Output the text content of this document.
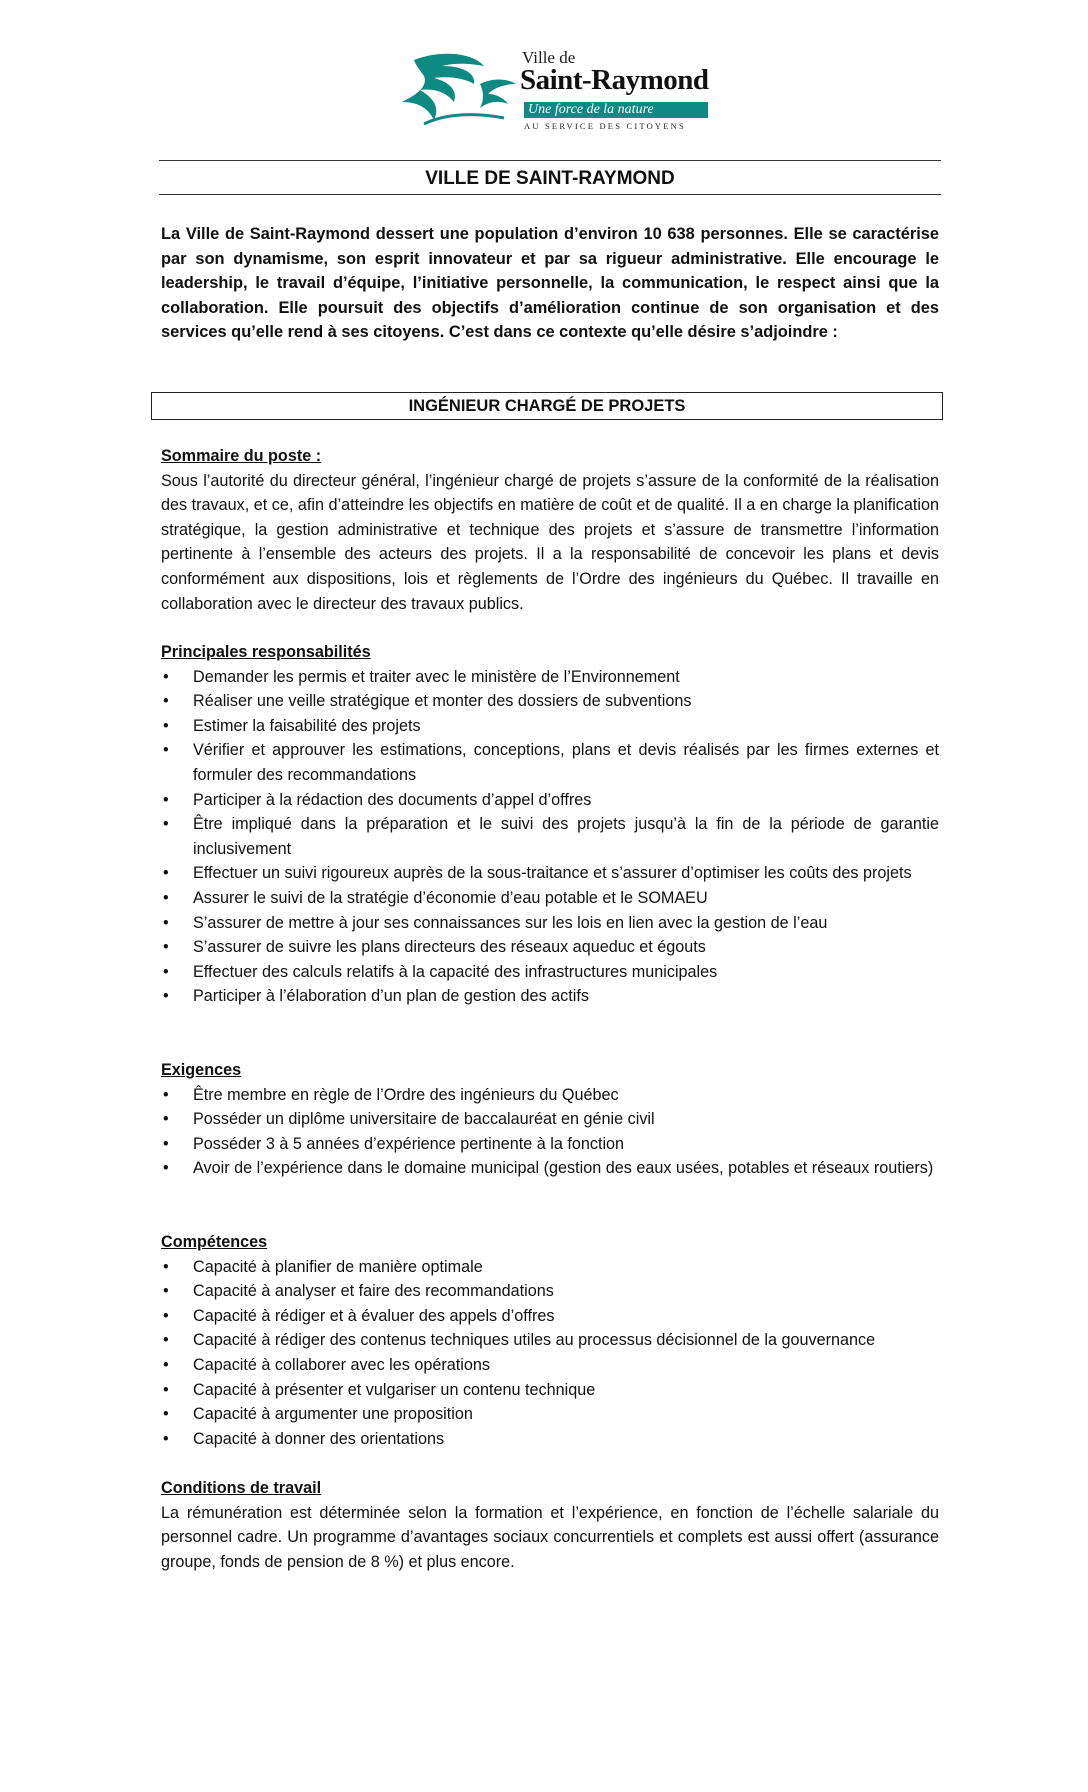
Ville de
Saint-Raymond
Une force de la nature
AU SERVICE DES CITOYENS
VILLE DE SAINT-RAYMOND
La Ville de Saint-Raymond dessert une population d’environ 10 638 personnes. Elle se caractérise par son dynamisme, son esprit innovateur et par sa rigueur administrative. Elle encourage le leadership, le travail d’équipe, l’initiative personnelle, la communication, le respect ainsi que la collaboration. Elle poursuit des objectifs d’amélioration continue de son organisation et des services qu’elle rend à ses citoyens. C’est dans ce contexte qu’elle désire s’adjoindre :
INGÉNIEUR CHARGÉ DE PROJETS
Sommaire du poste :

Sous l’autorité du directeur général, l’ingénieur chargé de projets s’assure de la conformité de la réalisation des travaux, et ce, afin d’atteindre les objectifs en matière de coût et de qualité. Il a en charge la planification stratégique, la gestion administrative et technique des projets et s’assure de transmettre l’information pertinente à l’ensemble des acteurs des projets. Il a la responsabilité de concevoir les plans et devis conformément aux dispositions, lois et règlements de l’Ordre des ingénieurs du Québec. Il travaille en collaboration avec le directeur des travaux publics.

Principales responsabilités
• Demander les permis et traiter avec le ministère de l’Environnement
• Réaliser une veille stratégique et monter des dossiers de subventions
• Estimer la faisabilité des projets
• Vérifier et approuver les estimations, conceptions, plans et devis réalisés par les firmes externes et formuler des recommandations
• Participer à la rédaction des documents d’appel d’offres
• Être impliqué dans la préparation et le suivi des projets jusqu’à la fin de la période de garantie inclusivement
• Effectuer un suivi rigoureux auprès de la sous-traitance et s’assurer d’optimiser les coûts des projets
• Assurer le suivi de la stratégie d’économie d’eau potable et le SOMAEU
• S’assurer de mettre à jour ses connaissances sur les lois en lien avec la gestion de l’eau
• S’assurer de suivre les plans directeurs des réseaux aqueduc et égouts
• Effectuer des calculs relatifs à la capacité des infrastructures municipales
• Participer à l’élaboration d’un plan de gestion des actifs
Exigences
• Être membre en règle de l’Ordre des ingénieurs du Québec
• Posséder un diplôme universitaire de baccalauréat en génie civil
• Posséder 3 à 5 années d’expérience pertinente à la fonction
• Avoir de l’expérience dans le domaine municipal (gestion des eaux usées, potables et réseaux routiers)
Compétences
• Capacité à planifier de manière optimale
• Capacité à analyser et faire des recommandations
• Capacité à rédiger et à évaluer des appels d’offres
• Capacité à rédiger des contenus techniques utiles au processus décisionnel de la gouvernance
• Capacité à collaborer avec les opérations
• Capacité à présenter et vulgariser un contenu technique
• Capacité à argumenter une proposition
• Capacité à donner des orientations
Conditions de travail

La rémunération est déterminée selon la formation et l’expérience, en fonction de l’échelle salariale du personnel cadre. Un programme d’avantages sociaux concurrentiels et complets est aussi offert (assurance groupe, fonds de pension de 8 %) et plus encore.
